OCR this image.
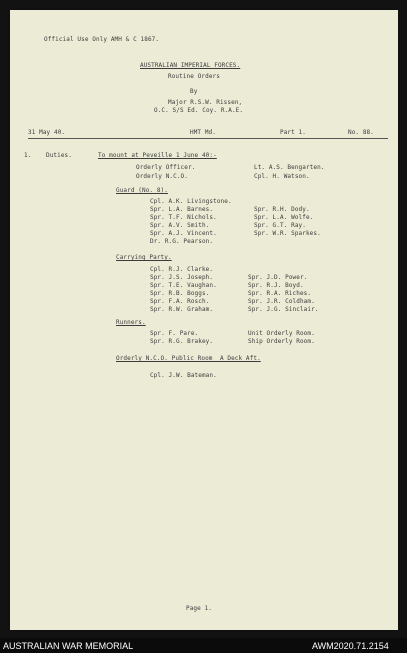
Official Use Only AMH & C 1867.
AUSTRALIAN IMPERIAL FORCES.
Routine Orders
By
Major R.S.W. Rissen,
O.C. S/S Ed. Coy. R.A.E.
31 May 40.	HMT Md.	Part 1.	No. 88.
1. Duties.	To mount at Peveille 1 June 40:-
Orderly Officer.	Lt. A.S. Bengarten.
Orderly N.C.O.	Cpl. H. Watson.
Guard (No. 8).
Cpl. A.K. Livingstone.
Spr. L.A. Barnes.	Spr. R.H. Dody.
Spr. T.F. Nichols.	Spr. L.A. Wolfe.
Spr. A.V. Smith.	Spr. G.T. Ray.
Spr. A.J. Vincent.	Spr. W.R. Sparkes.
Dr. R.G. Pearson.
Carrying Party.
Cpl. R.J. Clarke.
Spr. J.S. Joseph.	Spr. J.D. Power.
Spr. T.E. Vaughan.	Spr. R.J. Boyd.
Spr. R.B. Boggs.	Spr. R.A. Riches.
Spr. F.A. Rosch.	Spr. J.R. Coldham.
Spr. R.W. Graham.	Spr. J.G. Sinclair.
Runners.
Spr. F. Pare.	Unit Orderly Room.
Spr. R.G. Brakey.	Ship Orderly Room.
Orderly N.C.O. Public Room  A Deck Aft.
Cpl. J.W. Bateman.
Page 1.
AUSTRALIAN WAR MEMORIAL	AWM2020.71.2154
